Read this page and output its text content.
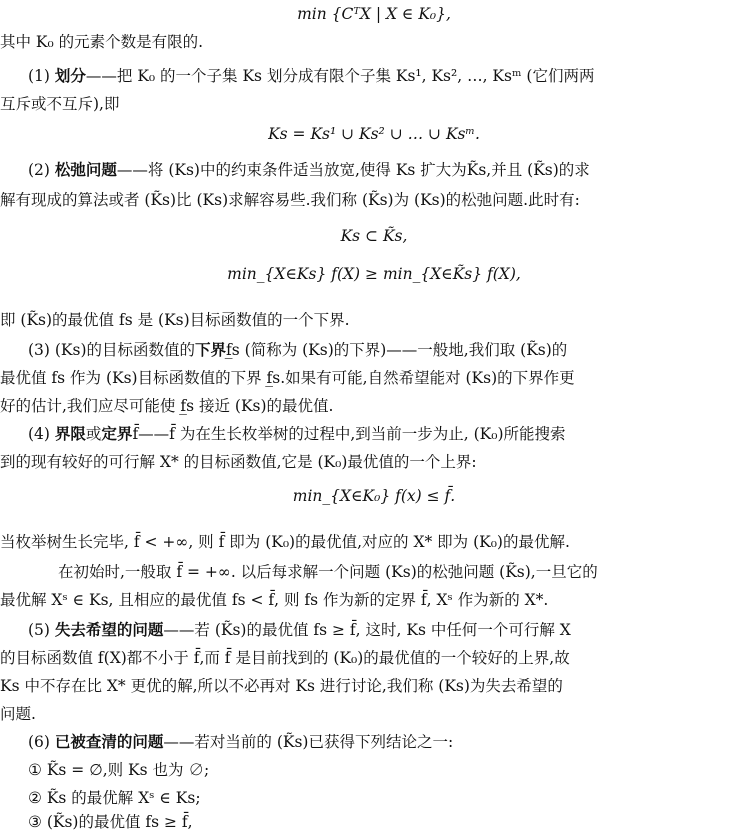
min {CᵀX | X ∈ K₀},
其中 K₀ 的元素个数是有限的.
(1) 划分——把 K₀ 的一个子集 Ks 划分成有限个子集 Ks¹, Ks², …, Ksᵐ (它们两两
互斥或不互斥),即
Ks = Ks¹ ∪ Ks² ∪ … ∪ Ksᵐ.
(2) 松弛问题——将 (Ks)中的约束条件适当放宽,使得 Ks 扩大为K̃s,并且 (K̃s)的求
解有现成的算法或者 (K̃s)比 (Ks)求解容易些.我们称 (K̃s)为 (Ks)的松弛问题.此时有:
Ks ⊂ K̃s,
min_{X∈Ks} f(X) ≥ min_{X∈K̃s} f(X),
即 (K̃s)的最优值 fs 是 (Ks)目标函数值的一个下界.
(3) (Ks)的目标函数值的下界f̲s (简称为 (Ks)的下界)——一般地,我们取 (K̃s)的
最优值 fs 作为 (Ks)目标函数值的下界 f̲s.如果有可能,自然希望能对 (Ks)的下界作更
好的估计,我们应尽可能使 f̲s 接近 (Ks)的最优值.
(4) 界限或定界f̄——f̄ 为在生长枚举树的过程中,到当前一步为止, (K₀)所能搜索
到的现有较好的可行解 X* 的目标函数值,它是 (K₀)最优值的一个上界:
min_{X∈K₀} f(x) ≤ f̄.
当枚举树生长完毕, f̄ < +∞, 则 f̄ 即为 (K₀)的最优值,对应的 X* 即为 (K₀)的最优解.
在初始时,一般取 f̄ = +∞. 以后每求解一个问题 (Ks)的松弛问题 (K̃s),一旦它的
最优解 Xˢ ∈ Ks, 且相应的最优值 fs < f̄, 则 fs 作为新的定界 f̄, Xˢ 作为新的 X*.
(5) 失去希望的问题——若 (K̃s)的最优值 fs ≥ f̄, 这时, Ks 中任何一个可行解 X
的目标函数值 f(X)都不小于 f̄,而 f̄ 是目前找到的 (K₀)的最优值的一个较好的上界,故
Ks 中不存在比 X* 更优的解,所以不必再对 Ks 进行讨论,我们称 (Ks)为失去希望的
问题.
(6) 已被查清的问题——若对当前的 (K̃s)已获得下列结论之一:
① K̃s = ∅,则 Ks 也为 ∅;
② K̃s 的最优解 Xˢ ∈ Ks;
③ (K̃s)的最优值 fs ≥ f̄,
